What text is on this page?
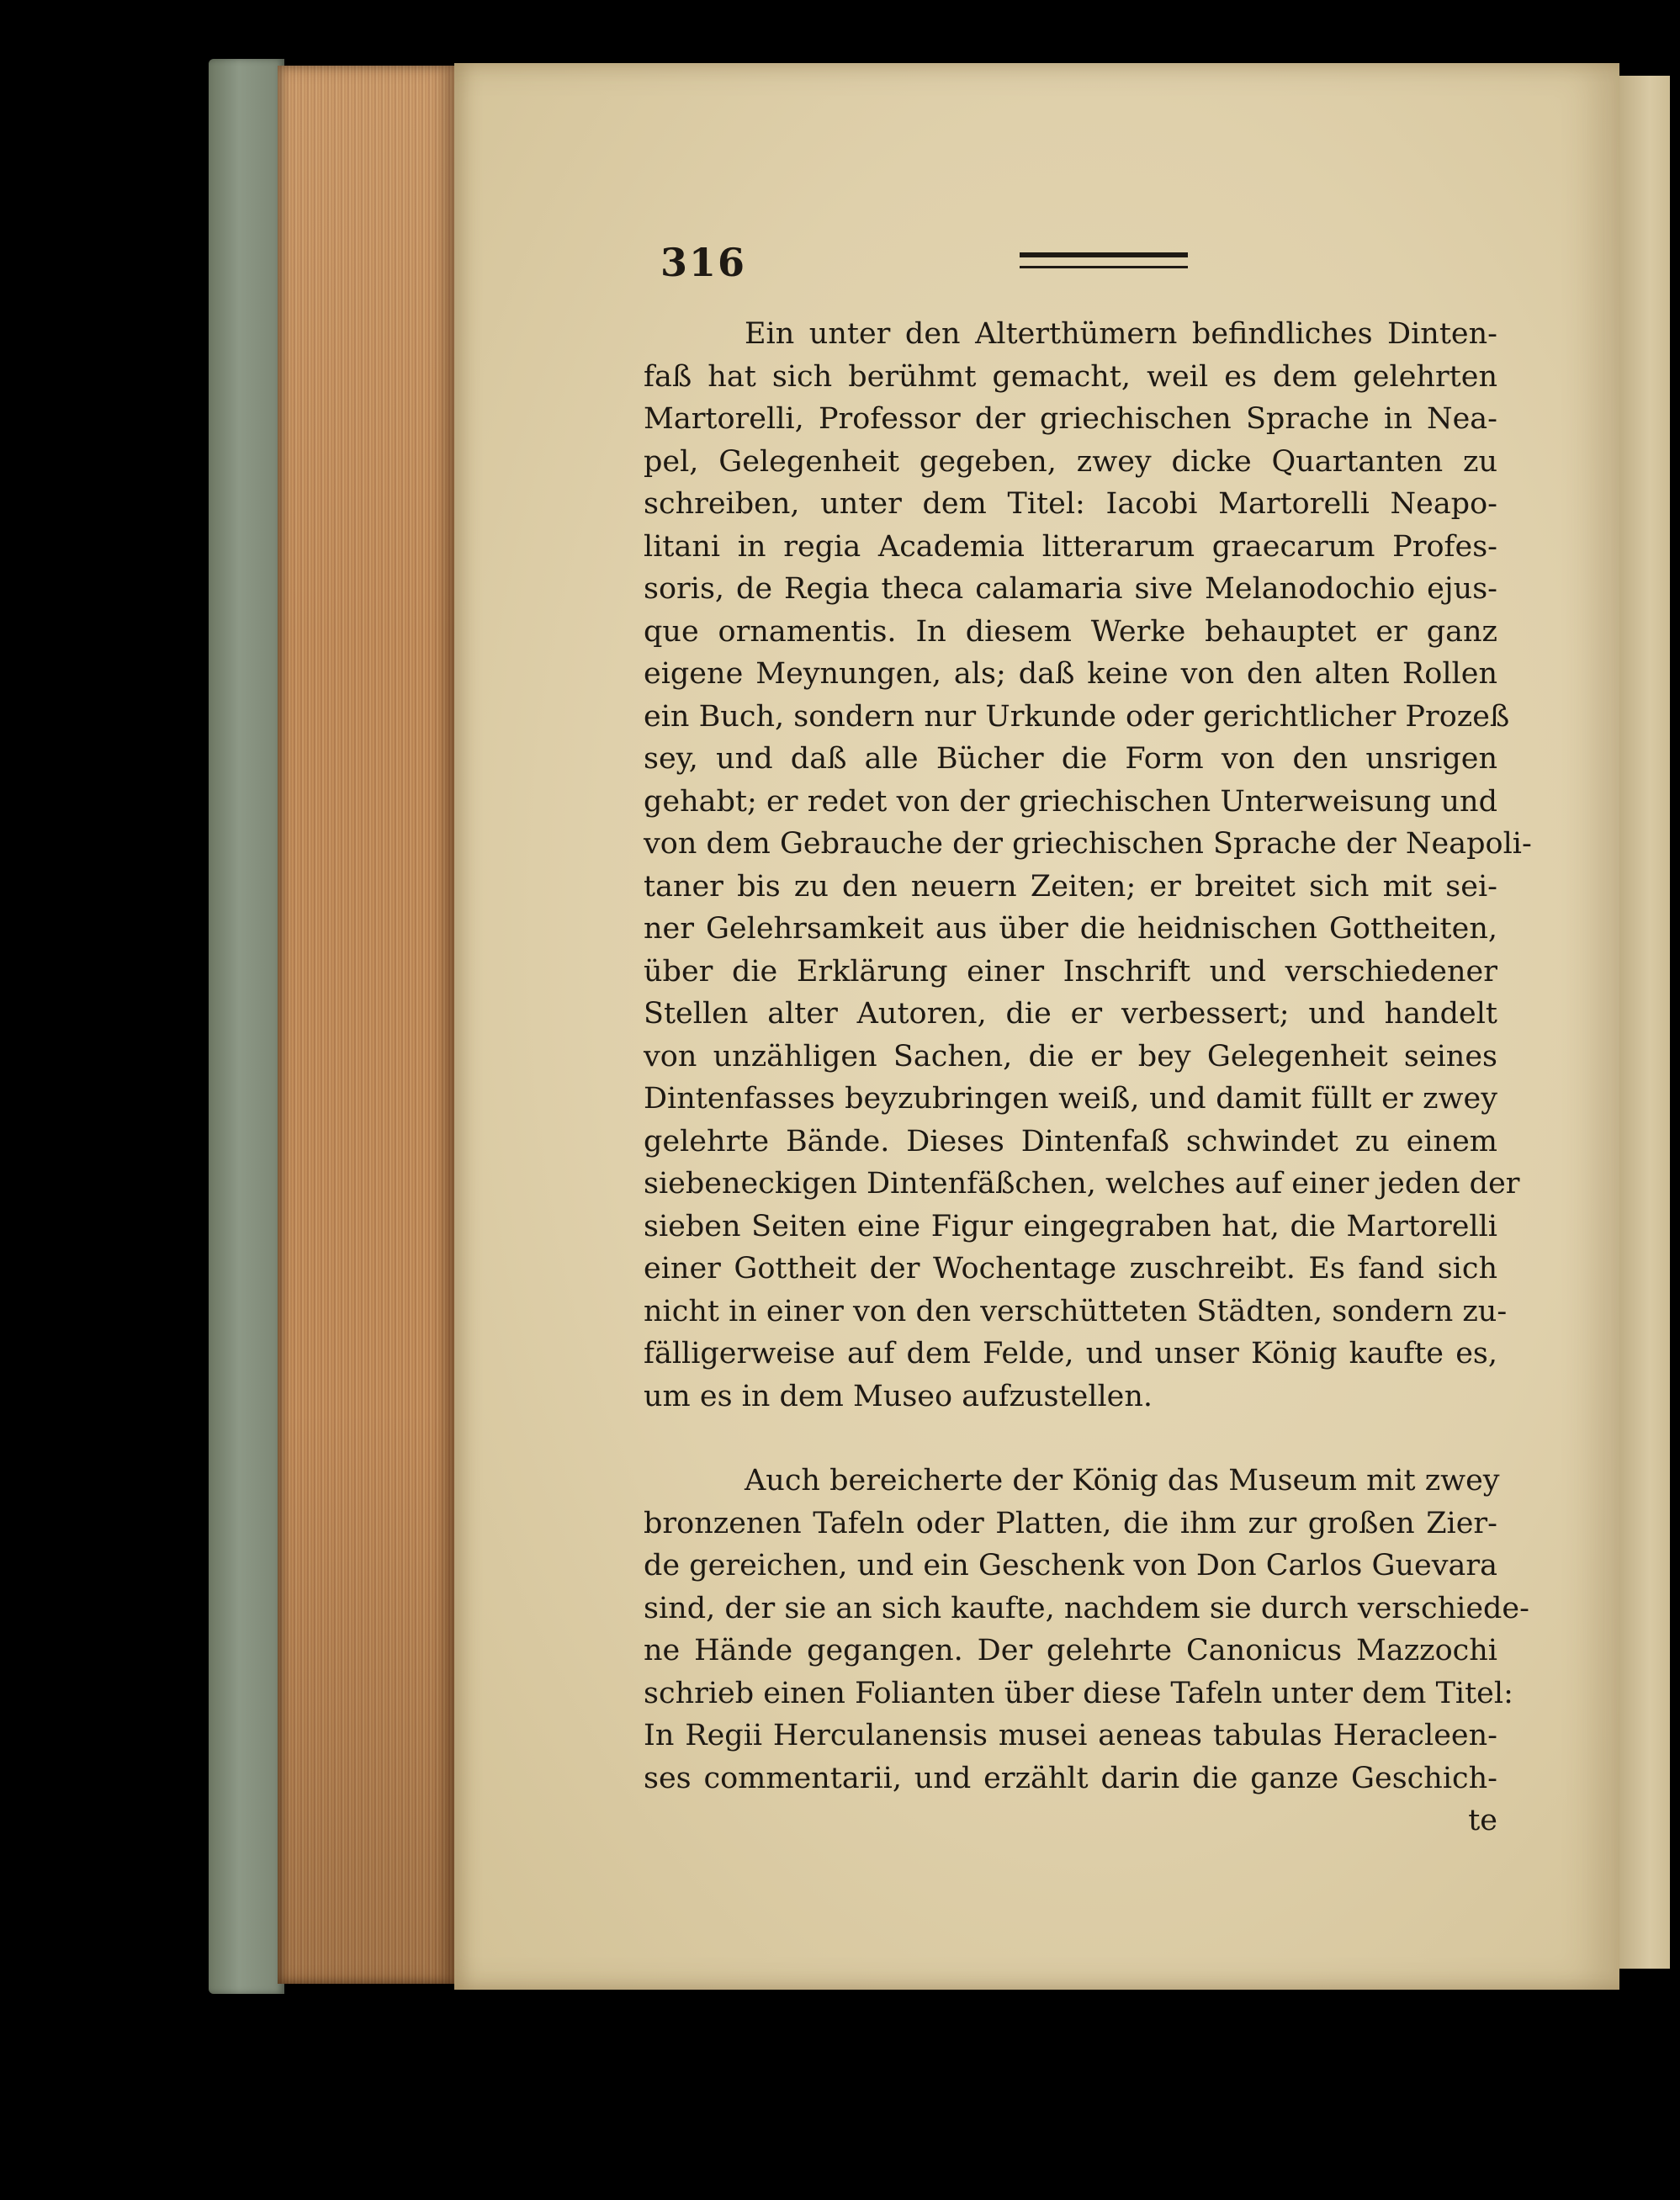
316
Ein unter den Alterthümern befindliches Dinten-
faß hat sich berühmt gemacht, weil es dem gelehrten
Martorelli, Professor der griechischen Sprache in Nea-
pel, Gelegenheit gegeben, zwey dicke Quartanten zu
schreiben, unter dem Titel: Iacobi Martorelli Neapo-
litani in regia Academia litterarum graecarum Profes-
soris, de Regia theca calamaria sive Melanodochio ejus-
que ornamentis. In diesem Werke behauptet er ganz
eigene Meynungen, als; daß keine von den alten Rollen
ein Buch, sondern nur Urkunde oder gerichtlicher Prozeß
sey, und daß alle Bücher die Form von den unsrigen
gehabt; er redet von der griechischen Unterweisung und
von dem Gebrauche der griechischen Sprache der Neapoli-
taner bis zu den neuern Zeiten; er breitet sich mit sei-
ner Gelehrsamkeit aus über die heidnischen Gottheiten,
über die Erklärung einer Inschrift und verschiedener
Stellen alter Autoren, die er verbessert; und handelt
von unzähligen Sachen, die er bey Gelegenheit seines
Dintenfasses beyzubringen weiß, und damit füllt er zwey
gelehrte Bände. Dieses Dintenfaß schwindet zu einem
siebeneckigen Dintenfäßchen, welches auf einer jeden der
sieben Seiten eine Figur eingegraben hat, die Martorelli
einer Gottheit der Wochentage zuschreibt. Es fand sich
nicht in einer von den verschütteten Städten, sondern zu-
fälligerweise auf dem Felde, und unser König kaufte es,
um es in dem Museo aufzustellen.
Auch bereicherte der König das Museum mit zwey
bronzenen Tafeln oder Platten, die ihm zur großen Zier-
de gereichen, und ein Geschenk von Don Carlos Guevara
sind, der sie an sich kaufte, nachdem sie durch verschiede-
ne Hände gegangen. Der gelehrte Canonicus Mazzochi
schrieb einen Folianten über diese Tafeln unter dem Titel:
In Regii Herculanensis musei aeneas tabulas Heracleen-
ses commentarii, und erzählt darin die ganze Geschich-
te
